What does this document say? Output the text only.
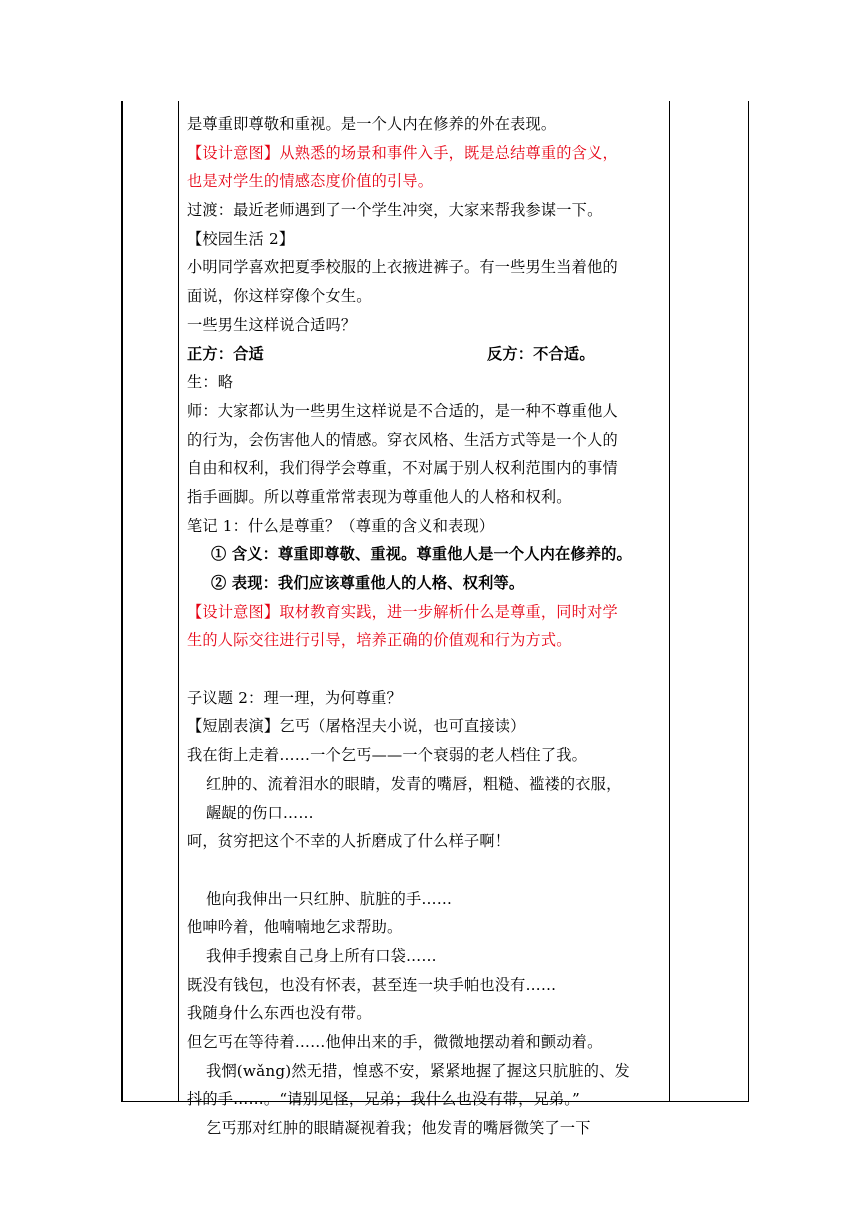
是尊重即尊敬和重视。是一个人内在修养的外在表现。
【设计意图】从熟悉的场景和事件入手，既是总结尊重的含义，
也是对学生的情感态度价值的引导。
过渡：最近老师遇到了一个学生冲突，大家来帮我参谋一下。
【校园生活 2】
小明同学喜欢把夏季校服的上衣掖进裤子。有一些男生当着他的
面说，你这样穿像个女生。
一些男生这样说合适吗？
正方：合适	反方：不合适。
生：略
师：大家都认为一些男生这样说是不合适的，是一种不尊重他人
的行为，会伤害他人的情感。穿衣风格、生活方式等是一个人的
自由和权利，我们得学会尊重，不对属于别人权利范围内的事情
指手画脚。所以尊重常常表现为尊重他人的人格和权利。
笔记 1：什么是尊重？（尊重的含义和表现）
① 含义：尊重即尊敬、重视。尊重他人是一个人内在修养的。
② 表现：我们应该尊重他人的人格、权利等。
【设计意图】取材教育实践，进一步解析什么是尊重，同时对学
生的人际交往进行引导，培养正确的价值观和行为方式。
子议题 2：理一理，为何尊重？
【短剧表演】乞丐（屠格涅夫小说，也可直接读）
我在街上走着……一个乞丐——一个衰弱的老人档住了我。
红肿的、流着泪水的眼睛，发青的嘴唇，粗糙、褴褛的衣服，
龌龊的伤口……
呵，贫穷把这个不幸的人折磨成了什么样子啊！
他向我伸出一只红肿、肮脏的手……
他呻吟着，他喃喃地乞求帮助。
我伸手搜索自己身上所有口袋……
既没有钱包，也没有怀表，甚至连一块手帕也没有……
我随身什么东西也没有带。
但乞丐在等待着……他伸出来的手，微微地摆动着和颤动着。
我惘(wǎng)然无措，惶惑不安，紧紧地握了握这只肮脏的、发
抖的手……。“请别见怪，兄弟；我什么也没有带，兄弟。”
乞丐那对红肿的眼睛凝视着我；他发青的嘴唇微笑了一下
